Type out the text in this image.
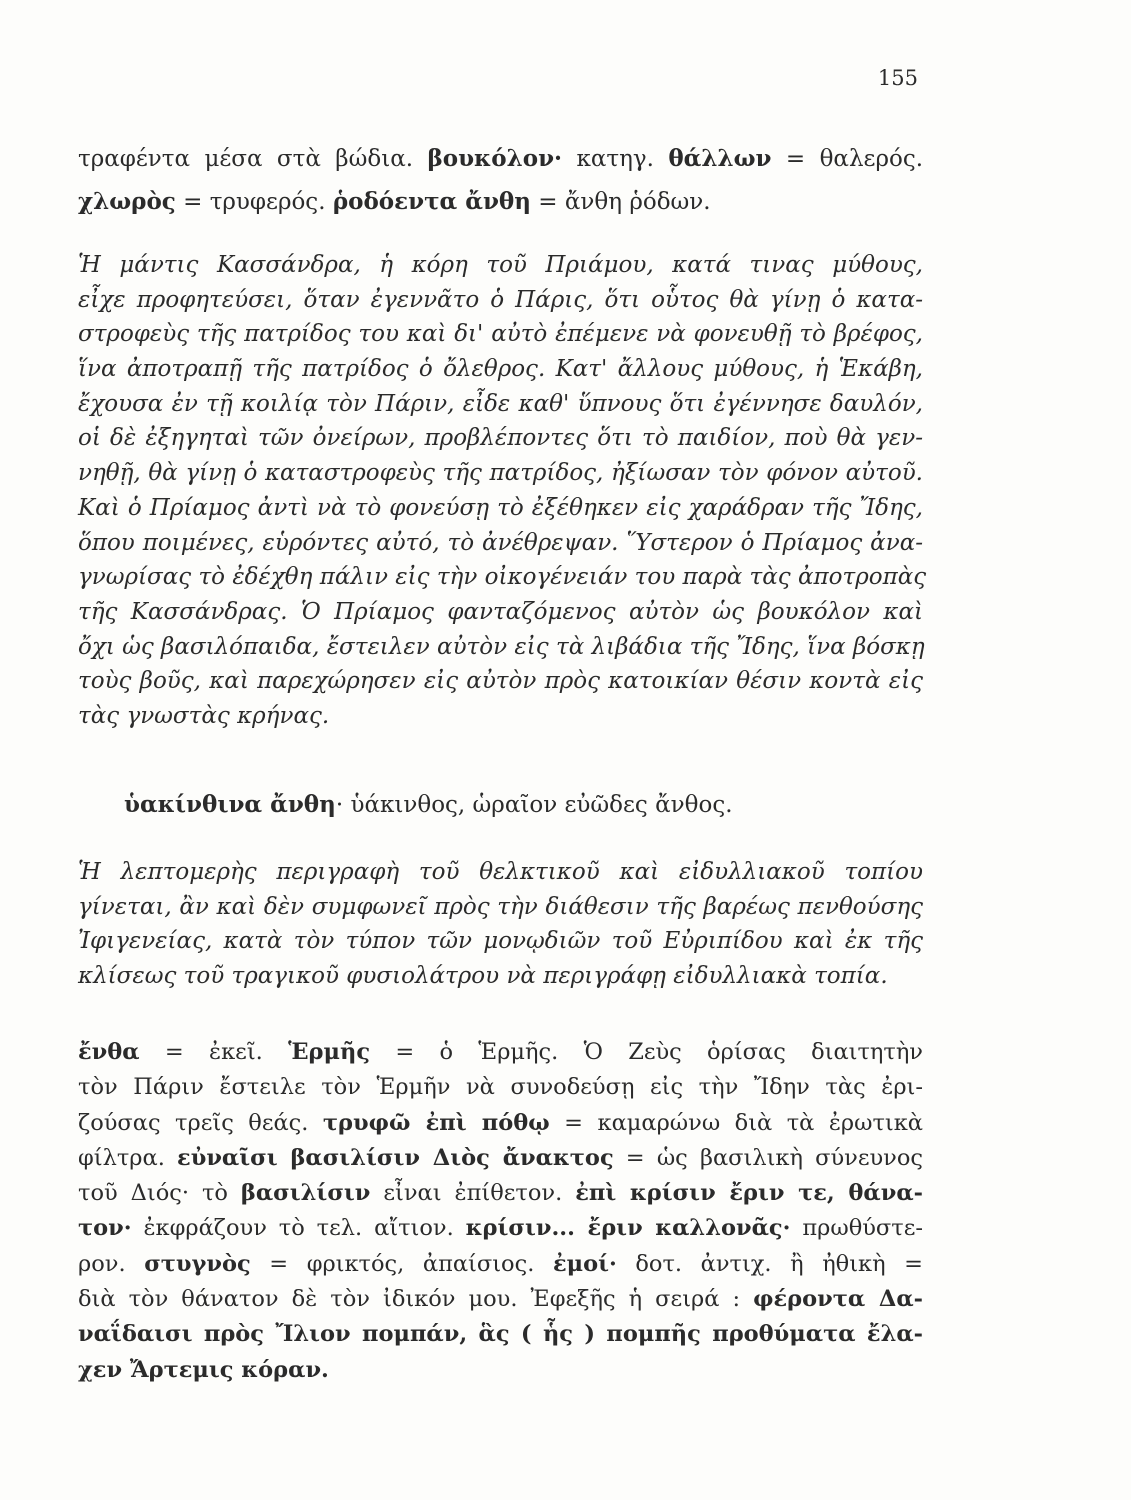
155
τραφέντα μέσα στὰ βώδια. βουκόλον· κατηγ. θάλλων = θαλερός.
χλωρὸς = τρυφερός. ῥοδόεντα ἄνθη = ἄνθη ῥόδων.
Ἡ μάντις Κασσάνδρα, ἡ κόρη τοῦ Πριάμου, κατά τινας μύθους,
εἶχε προφητεύσει, ὅταν ἐγεννᾶτο ὁ Πάρις, ὅτι οὗτος θὰ γίνῃ ὁ κατα-
στροφεὺς τῆς πατρίδος του καὶ δι' αὐτὸ ἐπέμενε νὰ φονευθῇ τὸ βρέφος,
ἵνα ἀποτραπῇ τῆς πατρίδος ὁ ὄλεθρος. Κατ' ἄλλους μύθους, ἡ Ἑκάβη,
ἔχουσα ἐν τῇ κοιλίᾳ τὸν Πάριν, εἶδε καθ' ὕπνους ὅτι ἐγέννησε δαυλόν,
οἱ δὲ ἐξηγηταὶ τῶν ὀνείρων, προβλέποντες ὅτι τὸ παιδίον, ποὺ θὰ γεν-
νηθῇ, θὰ γίνῃ ὁ καταστροφεὺς τῆς πατρίδος, ἠξίωσαν τὸν φόνον αὐτοῦ.
Καὶ ὁ Πρίαμος ἀντὶ νὰ τὸ φονεύσῃ τὸ ἐξέθηκεν εἰς χαράδραν τῆς Ἴδης,
ὅπου ποιμένες, εὑρόντες αὐτό, τὸ ἀνέθρεψαν. Ὕστερον ὁ Πρίαμος ἀνα-
γνωρίσας τὸ ἐδέχθη πάλιν εἰς τὴν οἰκογένειάν του παρὰ τὰς ἀποτροπὰς
τῆς Κασσάνδρας. Ὁ Πρίαμος φανταζόμενος αὐτὸν ὡς βουκόλον καὶ
ὄχι ὡς βασιλόπαιδα, ἔστειλεν αὐτὸν εἰς τὰ λιβάδια τῆς Ἴδης, ἵνα βόσκῃ
τοὺς βοῦς, καὶ παρεχώρησεν εἰς αὐτὸν πρὸς κατοικίαν θέσιν κοντὰ εἰς
τὰς γνωστὰς κρήνας.
ὑακίνθινα ἄνθη· ὑάκινθος, ὡραῖον εὐῶδες ἄνθος.
Ἡ λεπτομερὴς περιγραφὴ τοῦ θελκτικοῦ καὶ εἰδυλλιακοῦ τοπίου
γίνεται, ἂν καὶ δὲν συμφωνεῖ πρὸς τὴν διάθεσιν τῆς βαρέως πενθούσης
Ἰφιγενείας, κατὰ τὸν τύπον τῶν μονῳδιῶν τοῦ Εὐριπίδου καὶ ἐκ τῆς
κλίσεως τοῦ τραγικοῦ φυσιολάτρου νὰ περιγράφῃ εἰδυλλιακὰ τοπία.
ἔνθα = ἐκεῖ. Ἑρμῆς = ὁ Ἑρμῆς. Ὁ Ζεὺς ὁρίσας διαιτητὴν
τὸν Πάριν ἔστειλε τὸν Ἑρμῆν νὰ συνοδεύσῃ εἰς τὴν Ἴδην τὰς ἐρι-
ζούσας τρεῖς θεάς. τρυφῶ ἐπὶ πόθῳ = καμαρώνω διὰ τὰ ἐρωτικὰ
φίλτρα. εὐναῖσι βασιλίσιν Διὸς ἄνακτος = ὡς βασιλικὴ σύνευνος
τοῦ Διός· τὸ βασιλίσιν εἶναι ἐπίθετον. ἐπὶ κρίσιν ἔριν τε, θάνα-
τον· ἐκφράζουν τὸ τελ. αἴτιον. κρίσιν... ἔριν καλλονᾶς· πρωθύστε-
ρον. στυγνὸς = φρικτός, ἀπαίσιος. ἐμοί· δοτ. ἀντιχ. ἢ ἠθικὴ =
διὰ τὸν θάνατον δὲ τὸν ἰδικόν μου. Ἐφεξῆς ἡ σειρά : φέροντα Δα-
ναΐδαισι πρὸς Ἴλιον πομπάν, ἃς ( ἧς ) πομπῆς προθύματα ἔλα-
χεν Ἄρτεμις κόραν.
